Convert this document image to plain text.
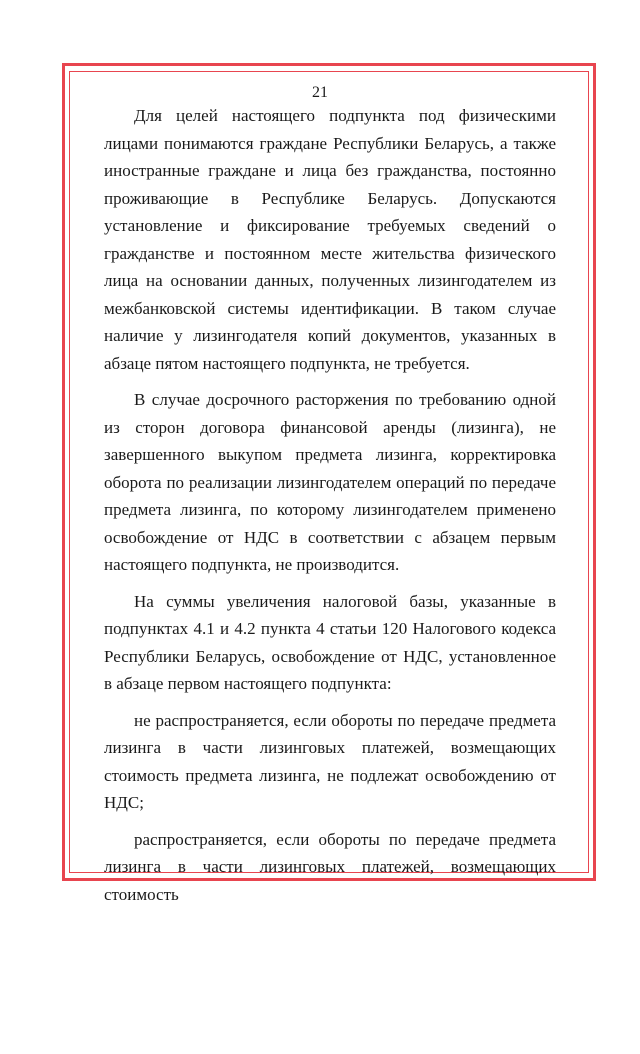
21

Для целей настоящего подпункта под физическими лицами понимаются граждане Республики Беларусь, а также иностранные граждане и лица без гражданства, постоянно проживающие в Республике Беларусь. Допускаются установление и фиксирование требуемых сведений о гражданстве и постоянном месте жительства физического лица на основании данных, полученных лизингодателем из межбанковской системы идентификации. В таком случае наличие у лизингодателя копий документов, указанных в абзаце пятом настоящего подпункта, не требуется.

В случае досрочного расторжения по требованию одной из сторон договора финансовой аренды (лизинга), не завершенного выкупом предмета лизинга, корректировка оборота по реализации лизингодателем операций по передаче предмета лизинга, по которому лизингодателем применено освобождение от НДС в соответствии с абзацем первым настоящего подпункта, не производится.

На суммы увеличения налоговой базы, указанные в подпунктах 4.1 и 4.2 пункта 4 статьи 120 Налогового кодекса Республики Беларусь, освобождение от НДС, установленное в абзаце первом настоящего подпункта:

не распространяется, если обороты по передаче предмета лизинга в части лизинговых платежей, возмещающих стоимость предмета лизинга, не подлежат освобождению от НДС;

распространяется, если обороты по передаче предмета лизинга в части лизинговых платежей, возмещающих стоимость
